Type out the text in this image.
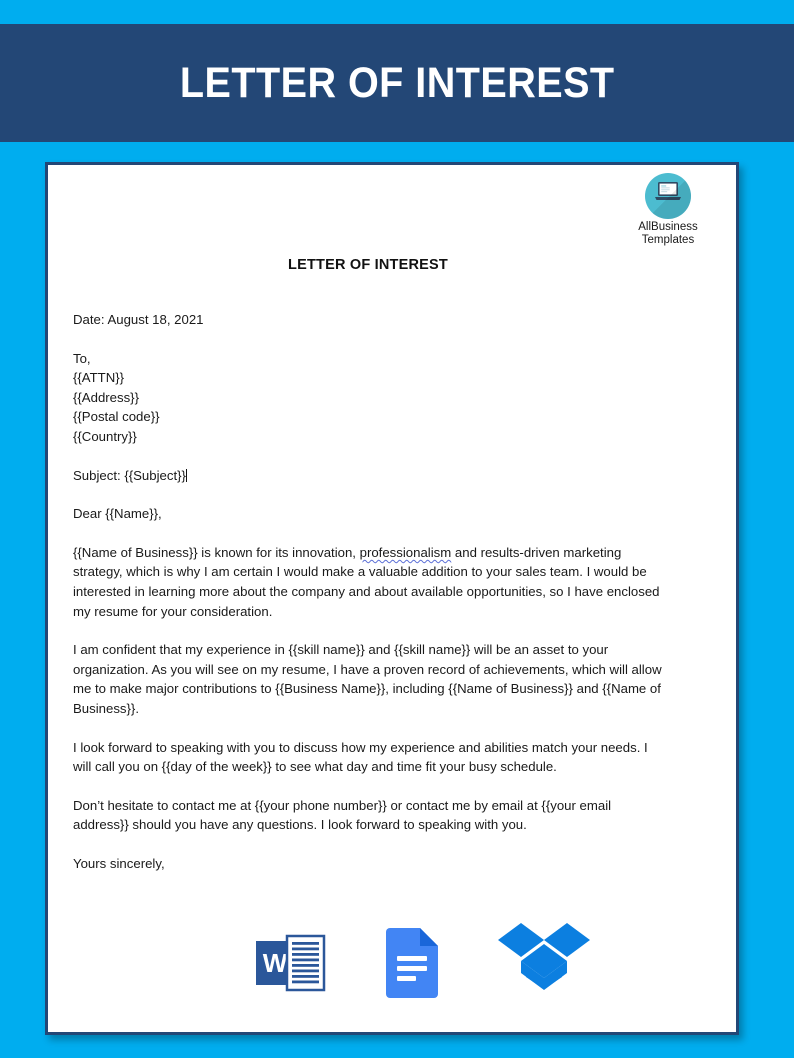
LETTER OF INTEREST
AllBusiness
Templates
LETTER OF INTEREST

Date: August 18, 2021

To,
{{ATTN}}
{{Address}}
{{Postal code}}
{{Country}}

Subject: {{Subject}}

Dear {{Name}},

{{Name of Business}} is known for its innovation, professionalism and results-driven marketing strategy, which is why I am certain I would make a valuable addition to your sales team. I would be interested in learning more about the company and about available opportunities, so I have enclosed my resume for your consideration.

I am confident that my experience in {{skill name}} and {{skill name}} will be an asset to your organization. As you will see on my resume, I have a proven record of achievements, which will allow me to make major contributions to {{Business Name}}, including {{Name of Business}} and {{Name of Business}}.

I look forward to speaking with you to discuss how my experience and abilities match your needs. I will call you on {{day of the week}} to see what day and time fit your busy schedule.

Don’t hesitate to contact me at {{your phone number}} or contact me by email at {{your email address}} should you have any questions. I look forward to speaking with you.

Yours sincerely,

W
